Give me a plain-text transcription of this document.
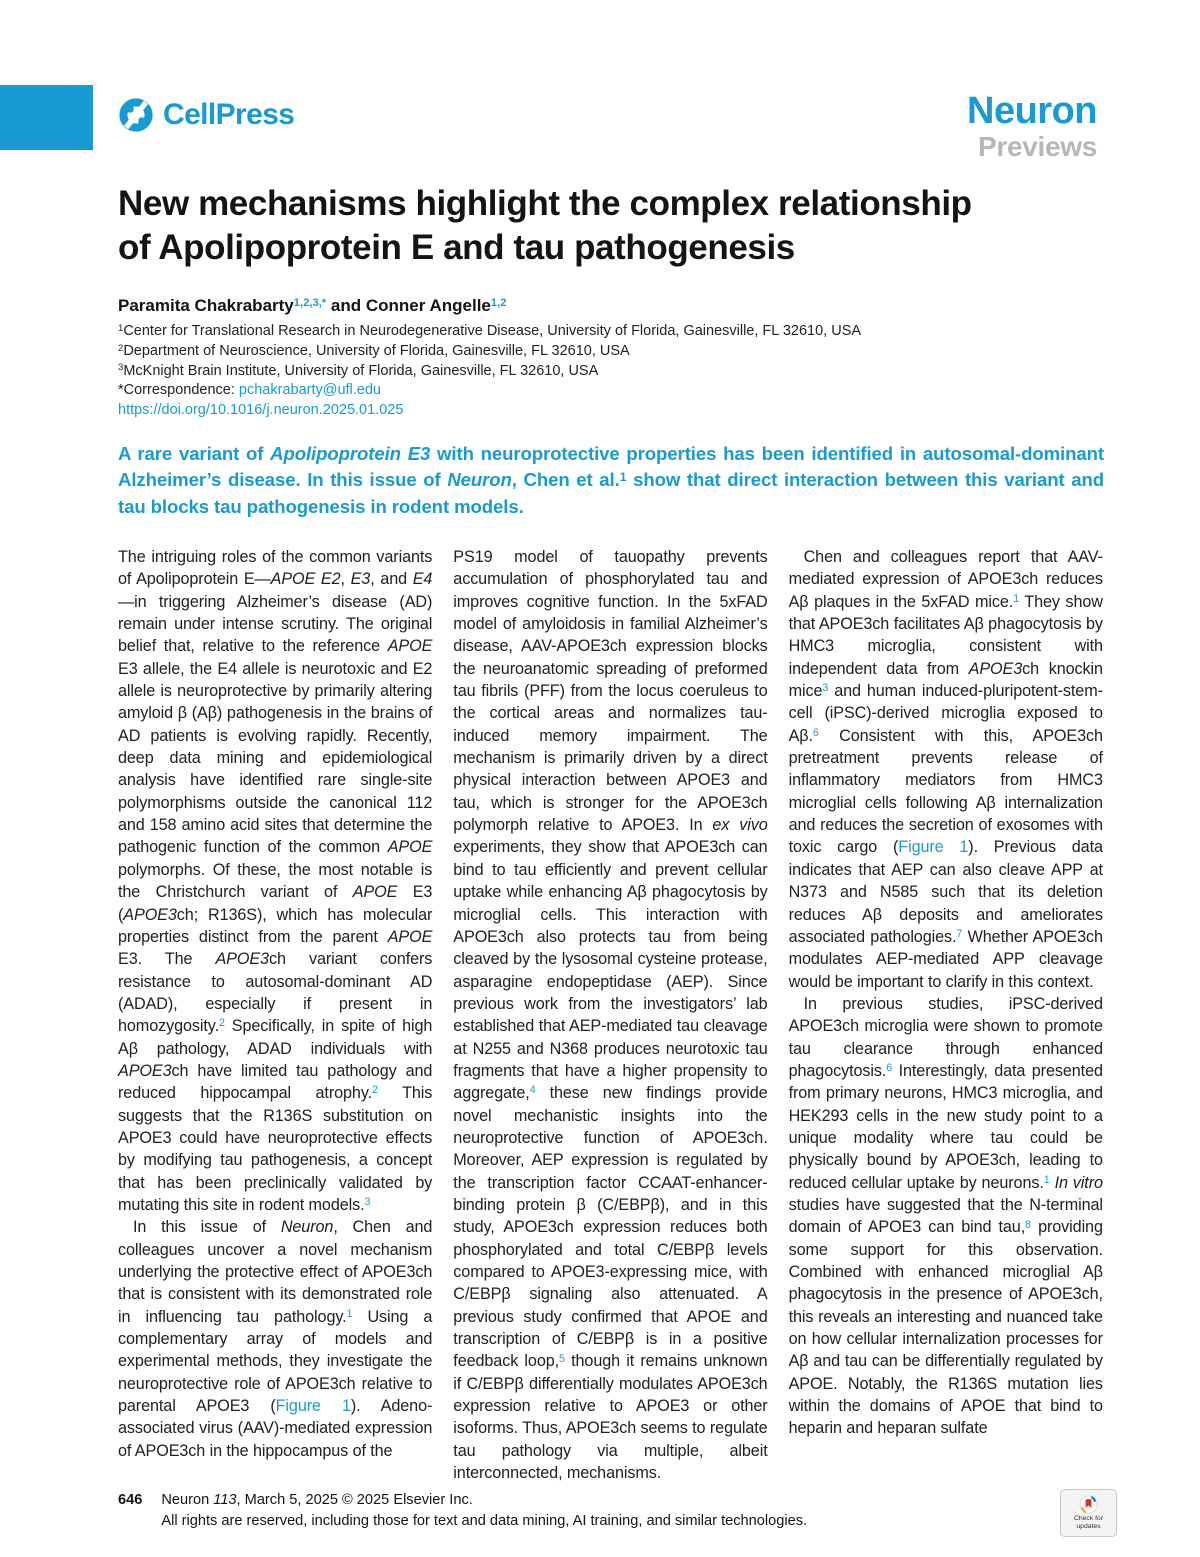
CellPress	Neuron
Previews
New mechanisms highlight the complex relationship
of Apolipoprotein E and tau pathogenesis
Paramita Chakrabarty$^{1,2,3,*}$ and Conner Angelle$^{1,2}$
$^1$Center for Translational Research in Neurodegenerative Disease, University of Florida, Gainesville, FL 32610, USA
$^2$Department of Neuroscience, University of Florida, Gainesville, FL 32610, USA
$^3$McKnight Brain Institute, University of Florida, Gainesville, FL 32610, USA
*Correspondence: pchakrabarty@ufl.edu
https://doi.org/10.1016/j.neuron.2025.01.025
A rare variant of Apolipoprotein E3 with neuroprotective properties has been identified in autosomal-dominant Alzheimer’s disease. In this issue of Neuron, Chen et al.$^1$ show that direct interaction between this variant and tau blocks tau pathogenesis in rodent models.

The intriguing roles of the common variants of Apolipoprotein E—APOE E2, E3, and E4—in triggering Alzheimer’s disease (AD) remain under intense scrutiny. The original belief that, relative to the reference APOE E3 allele, the E4 allele is neurotoxic and E2 allele is neuroprotective by primarily altering amyloid β (Aβ) pathogenesis in the brains of AD patients is evolving rapidly. Recently, deep data mining and epidemiological analysis have identified rare single-site polymorphisms outside the canonical 112 and 158 amino acid sites that determine the pathogenic function of the common APOE polymorphs. Of these, the most notable is the Christchurch variant of APOE E3 (APOE3ch; R136S), which has molecular properties distinct from the parent APOE E3. The APOE3ch variant confers resistance to autosomal-dominant AD (ADAD), especially if present in homozygosity.$^2$ Specifically, in spite of high Aβ pathology, ADAD individuals with APOE3ch have limited tau pathology and reduced hippocampal atrophy.$^2$ This suggests that the R136S substitution on APOE3 could have neuroprotective effects by modifying tau pathogenesis, a concept that has been preclinically validated by mutating this site in rodent models.$^3$

In this issue of Neuron, Chen and colleagues uncover a novel mechanism underlying the protective effect of APOE3ch that is consistent with its demonstrated role in influencing tau pathology.$^1$ Using a complementary array of models and experimental methods, they investigate the neuroprotective role of APOE3ch relative to parental APOE3 (Figure 1). Adeno-associated virus (AAV)-mediated expression of APOE3ch in the hippocampus of the

PS19 model of tauopathy prevents accumulation of phosphorylated tau and improves cognitive function. In the 5xFAD model of amyloidosis in familial Alzheimer’s disease, AAV-APOE3ch expression blocks the neuroanatomic spreading of preformed tau fibrils (PFF) from the locus coeruleus to the cortical areas and normalizes tau-induced memory impairment. The mechanism is primarily driven by a direct physical interaction between APOE3 and tau, which is stronger for the APOE3ch polymorph relative to APOE3. In ex vivo experiments, they show that APOE3ch can bind to tau efficiently and prevent cellular uptake while enhancing Aβ phagocytosis by microglial cells. This interaction with APOE3ch also protects tau from being cleaved by the lysosomal cysteine protease, asparagine endopeptidase (AEP). Since previous work from the investigators’ lab established that AEP-mediated tau cleavage at N255 and N368 produces neurotoxic tau fragments that have a higher propensity to aggregate,$^4$ these new findings provide novel mechanistic insights into the neuroprotective function of APOE3ch. Moreover, AEP expression is regulated by the transcription factor CCAAT-enhancer-binding protein β (C/EBPβ), and in this study, APOE3ch expression reduces both phosphorylated and total C/EBPβ levels compared to APOE3-expressing mice, with C/EBPβ signaling also attenuated. A previous study confirmed that APOE and transcription of C/EBPβ is in a positive feedback loop,$^5$ though it remains unknown if C/EBPβ differentially modulates APOE3ch expression relative to APOE3 or other isoforms. Thus, APOE3ch seems to regulate tau pathology via multiple, albeit interconnected, mechanisms.

Chen and colleagues report that AAV-mediated expression of APOE3ch reduces Aβ plaques in the 5xFAD mice.$^1$ They show that APOE3ch facilitates Aβ phagocytosis by HMC3 microglia, consistent with independent data from APOE3ch knockin mice$^3$ and human induced-pluripotent-stem-cell (iPSC)-derived microglia exposed to Aβ.$^6$ Consistent with this, APOE3ch pretreatment prevents release of inflammatory mediators from HMC3 microglial cells following Aβ internalization and reduces the secretion of exosomes with toxic cargo (Figure 1). Previous data indicates that AEP can also cleave APP at N373 and N585 such that its deletion reduces Aβ deposits and ameliorates associated pathologies.$^7$ Whether APOE3ch modulates AEP-mediated APP cleavage would be important to clarify in this context.

In previous studies, iPSC-derived APOE3ch microglia were shown to promote tau clearance through enhanced phagocytosis.$^6$ Interestingly, data presented from primary neurons, HMC3 microglia, and HEK293 cells in the new study point to a unique modality where tau could be physically bound by APOE3ch, leading to reduced cellular uptake by neurons.$^1$ In vitro studies have suggested that the N-terminal domain of APOE3 can bind tau,$^8$ providing some support for this observation. Combined with enhanced microglial Aβ phagocytosis in the presence of APOE3ch, this reveals an interesting and nuanced take on how cellular internalization processes for Aβ and tau can be differentially regulated by APOE. Notably, the R136S mutation lies within the domains of APOE that bind to heparin and heparan sulfate

646 Neuron 113, March 5, 2025 © 2025 Elsevier Inc.
All rights are reserved, including those for text and data mining, AI training, and similar technologies.	Check for updates
